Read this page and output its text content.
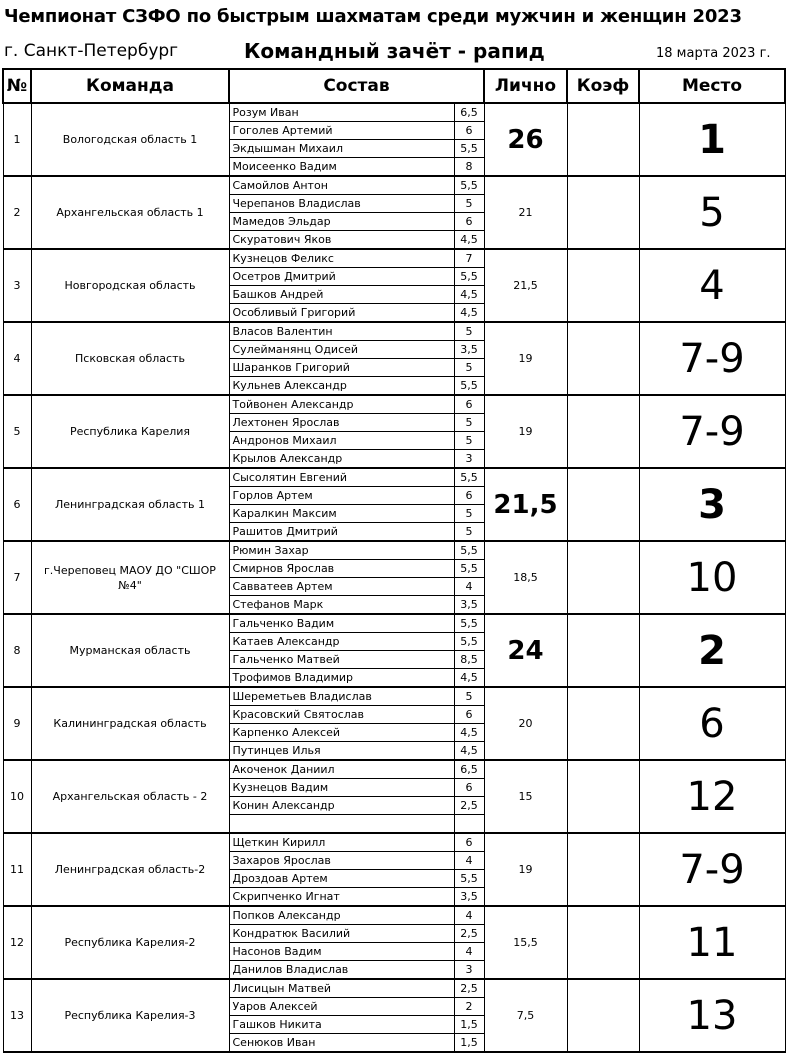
Чемпионат СЗФО по быстрым шахматам среди мужчин и женщин 2023
г. Санкт-Петербург	Командный зачёт - рапид	18 марта 2023 г.
№	Команда	Состав		Лично	Коэф	Место
1	Вологодская область 1	Розум Иван	6,5	26		1
		Гоголев Артемий	6			
		Экдышман Михаил	5,5			
		Моисеенко Вадим	8			
2	Архангельская область 1	Самойлов Антон	5,5	21		5
		Черепанов Владислав	5			
		Мамедов Эльдар	6			
		Скуратович Яков	4,5			
3	Новгородская область	Кузнецов Феликс	7	21,5		4
		Осетров Дмитрий	5,5			
		Башков Андрей	4,5			
		Особливый Григорий	4,5			
4	Псковская область	Власов Валентин	5	19		7-9
		Сулейманянц Одисей	3,5			
		Шаранков Григорий	5			
		Кульнев Александр	5,5			
5	Республика Карелия	Тойвонен Александр	6	19		7-9
		Лехтонен Ярослав	5			
		Андронов Михаил	5			
		Крылов Александр	3			
6	Ленинградская область 1	Сысолятин Евгений	5,5	21,5		3
		Горлов Артем	6			
		Каралкин Максим	5			
		Рашитов Дмитрий	5			
7	г.Череповец МАОУ ДО "СШОР №4"	Рюмин Захар	5,5	18,5		10
		Смирнов Ярослав	5,5			
		Савватеев Артем	4			
		Стефанов Марк	3,5			
8	Мурманская область	Гальченко Вадим	5,5	24		2
		Катаев Александр	5,5			
		Гальченко Матвей	8,5			
		Трофимов Владимир	4,5			
9	Калининградская область	Шереметьев Владислав	5	20		6
		Красовский Святослав	6			
		Карпенко Алексей	4,5			
		Путинцев Илья	4,5			
10	Архангельская область - 2	Акоченок Даниил	6,5	15		12
		Кузнецов Вадим	6			
		Конин Александр	2,5			

11	Ленинградская область-2	Щеткин Кирилл	6	19		7-9
		Захаров Ярослав	4			
		Дроздоав Артем	5,5			
		Скрипченко Игнат	3,5			
12	Республика Карелия-2	Попков Александр	4	15,5		11
		Кондратюк Василий	2,5			
		Насонов Вадим	4			
		Данилов Владислав	3			
13	Республика Карелия-3	Лисицын Матвей	2,5	7,5		13
		Уаров Алексей	2			
		Гашков Никита	1,5			
		Сенюков Иван	1,5			
